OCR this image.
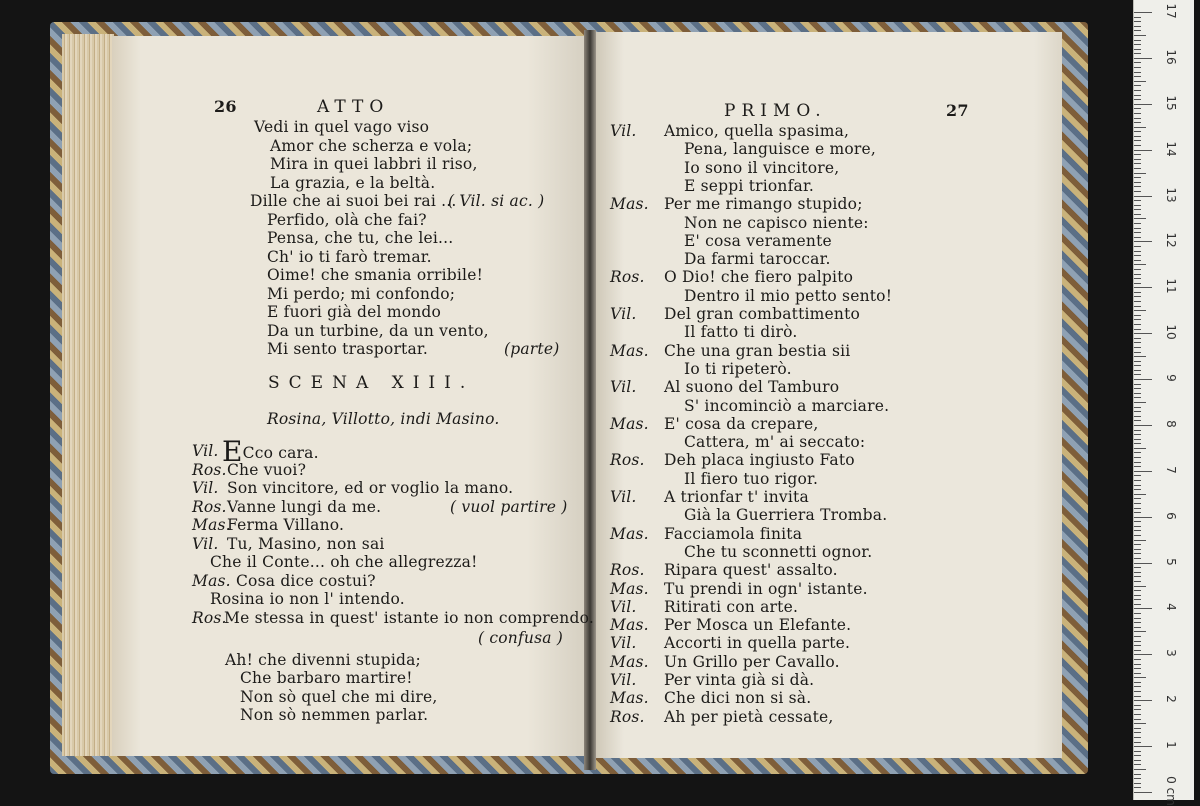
26	ATTO
Vedi in quel vago viso
Amor che scherza e vola;
Mira in quei labbri il riso,
La grazia, e la beltà.
Dille che ai suoi bei rai ...
( Vil. si ac. )
Perfido, olà che fai?
Pensa, che tu, che lei...
Ch' io ti farò tremar.
Oime! che smania orribile!
Mi perdo; mi confondo;
E fuori già del mondo
Da un turbine, da un vento,
Mi sento trasportar.	(parte)
SCENA XIII.
Rosina, Villotto, indi Masino.
Vil. ECco cara.
Ros. Che vuoi?
Vil. Son vincitore, ed or voglio la mano.
Ros. Vanne lungi da me.	( vuol partire )
Mas.
Ferma Villano.
Vil. Tu, Masino, non sai
Che il Conte... oh che allegrezza!
Mas. Cosa dice costui?
Rosina io non l' intendo.
Ros.
Me stessa in quest' istante io non comprendo.
( confusa )
Ah! che divenni stupida;
Che barbaro martire!
Non sò quel che mi dire,
Non sò nemmen parlar.
PRIMO.	27
Vil. Amico, quella spasima,
Pena, languisce e more,
Io sono il vincitore,
E seppi trionfar.
Mas. Per me rimango stupido;
Non ne capisco niente:
E' cosa veramente
Da farmi taroccar.
Ros. O Dio! che fiero palpito
Dentro il mio petto sento!
Vil. Del gran combattimento
Il fatto ti dirò.
Mas. Che una gran bestia sii
Io ti ripeterò.
Vil. Al suono del Tamburo
S' incominciò a marciare.
Mas. E' cosa da crepare,
Cattera, m' ai seccato:
Ros. Deh placa ingiusto Fato
Il fiero tuo rigor.
Vil. A trionfar t' invita
Già la Guerriera Tromba.
Mas. Facciamola finita
Che tu sconnetti ognor.
Ros. Ripara quest' assalto.
Mas. Tu prendi in ogn' istante.
Vil. Ritirati con arte.
Mas. Per Mosca un Elefante.
Vil. Accorti in quella parte.
Mas. Un Grillo per Cavallo.
Vil. Per vinta già si dà.
Mas. Che dici non si sà.
Ros. Ah per pietà cessate,
17
16
15
14
13
12
11
10
9
8
7
6
5
4
3
2
1
0 cm
